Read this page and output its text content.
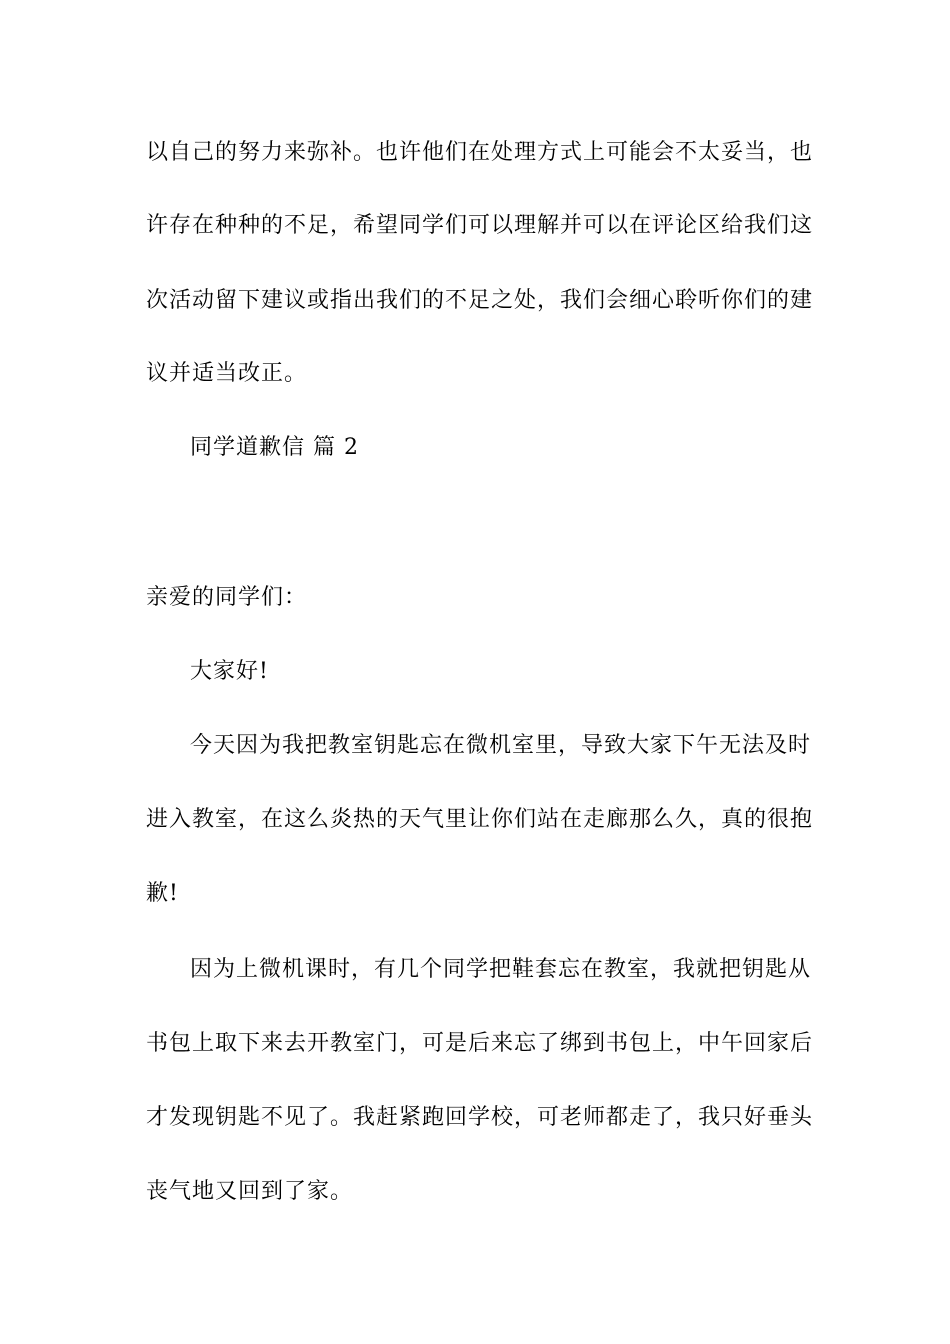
以自己的努力来弥补。也许他们在处理方式上可能会不太妥当，也
许存在种种的不足，希望同学们可以理解并可以在评论区给我们这
次活动留下建议或指出我们的不足之处，我们会细心聆听你们的建
议并适当改正。
同学道歉信 篇 2
亲爱的同学们：
大家好!
今天因为我把教室钥匙忘在微机室里，导致大家下午无法及时
进入教室，在这么炎热的天气里让你们站在走廊那么久，真的很抱
歉!
因为上微机课时，有几个同学把鞋套忘在教室，我就把钥匙从
书包上取下来去开教室门，可是后来忘了绑到书包上，中午回家后
才发现钥匙不见了。我赶紧跑回学校，可老师都走了，我只好垂头
丧气地又回到了家。
